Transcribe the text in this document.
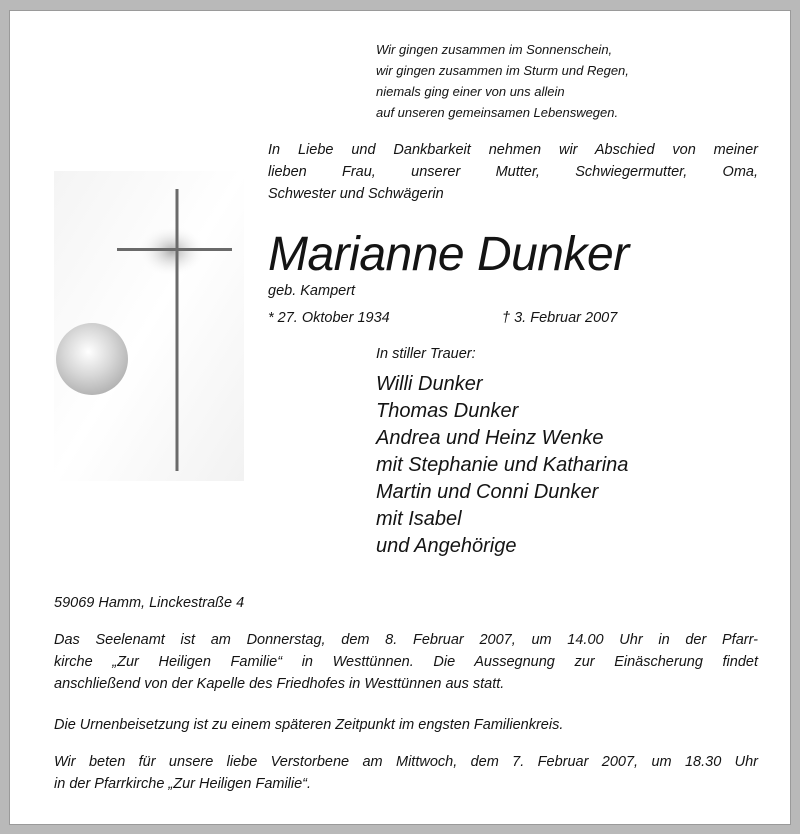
Wir gingen zusammen im Sonnenschein,
wir gingen zusammen im Sturm und Regen,
niemals ging einer von uns allein
auf unseren gemeinsamen Lebenswegen.
In Liebe und Dankbarkeit nehmen wir Abschied von meiner
lieben Frau, unserer Mutter, Schwiegermutter, Oma,
Schwester und Schwägerin
Marianne Dunker
geb. Kampert
* 27. Oktober 1934	† 3. Februar 2007
In stiller Trauer:
Willi Dunker
Thomas Dunker
Andrea und Heinz Wenke
mit Stephanie und Katharina
Martin und Conni Dunker
mit Isabel
und Angehörige
59069 Hamm, Linckestraße 4
Das Seelenamt ist am Donnerstag, dem 8. Februar 2007, um 14.00 Uhr in der Pfarr-
kirche „Zur Heiligen Familie“ in Westtünnen. Die Aussegnung zur Einäscherung findet
anschließend von der Kapelle des Friedhofes in Westtünnen aus statt.
Die Urnenbeisetzung ist zu einem späteren Zeitpunkt im engsten Familienkreis.
Wir beten für unsere liebe Verstorbene am Mittwoch, dem 7. Februar 2007, um 18.30 Uhr
in der Pfarrkirche „Zur Heiligen Familie“.
